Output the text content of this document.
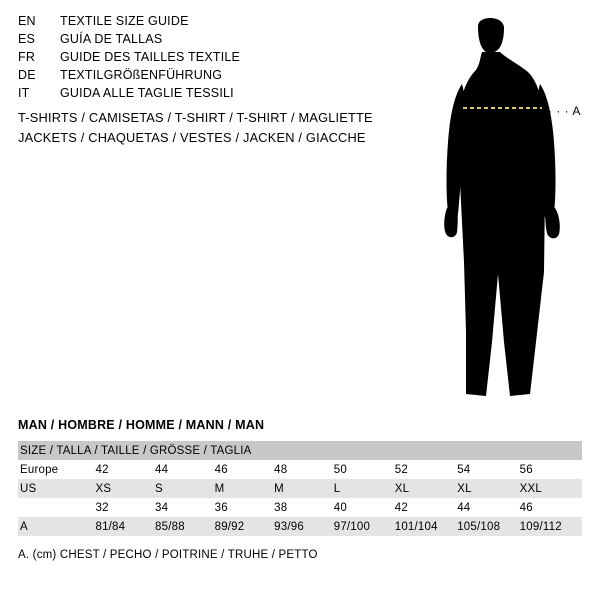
EN	TEXTILE SIZE GUIDE
ES	GUÍA DE TALLAS
FR	GUIDE DES TAILLES TEXTILE
DE	TEXTILGRÖßENFÜHRUNG
IT	GUIDA ALLE TAGLIE TESSILI
T-SHIRTS / CAMISETAS / T-SHIRT / T-SHIRT / MAGLIETTE
JACKETS / CHAQUETAS / VESTES / JACKEN / GIACCHE
· · · A
MAN / HOMBRE / HOMME / MANN / MAN
SIZE / TALLA / TAILLE / GRÖSSE / TAGLIA								
Europe	42	44	46	48	50	52	54	56
US	XS	S	M	M	L	XL	XL	XXL
	32	34	36	38	40	42	44	46
A	81/84	85/88	89/92	93/96	97/100	101/104	105/108	109/112
A. (cm) CHEST / PECHO / POITRINE / TRUHE / PETTO
